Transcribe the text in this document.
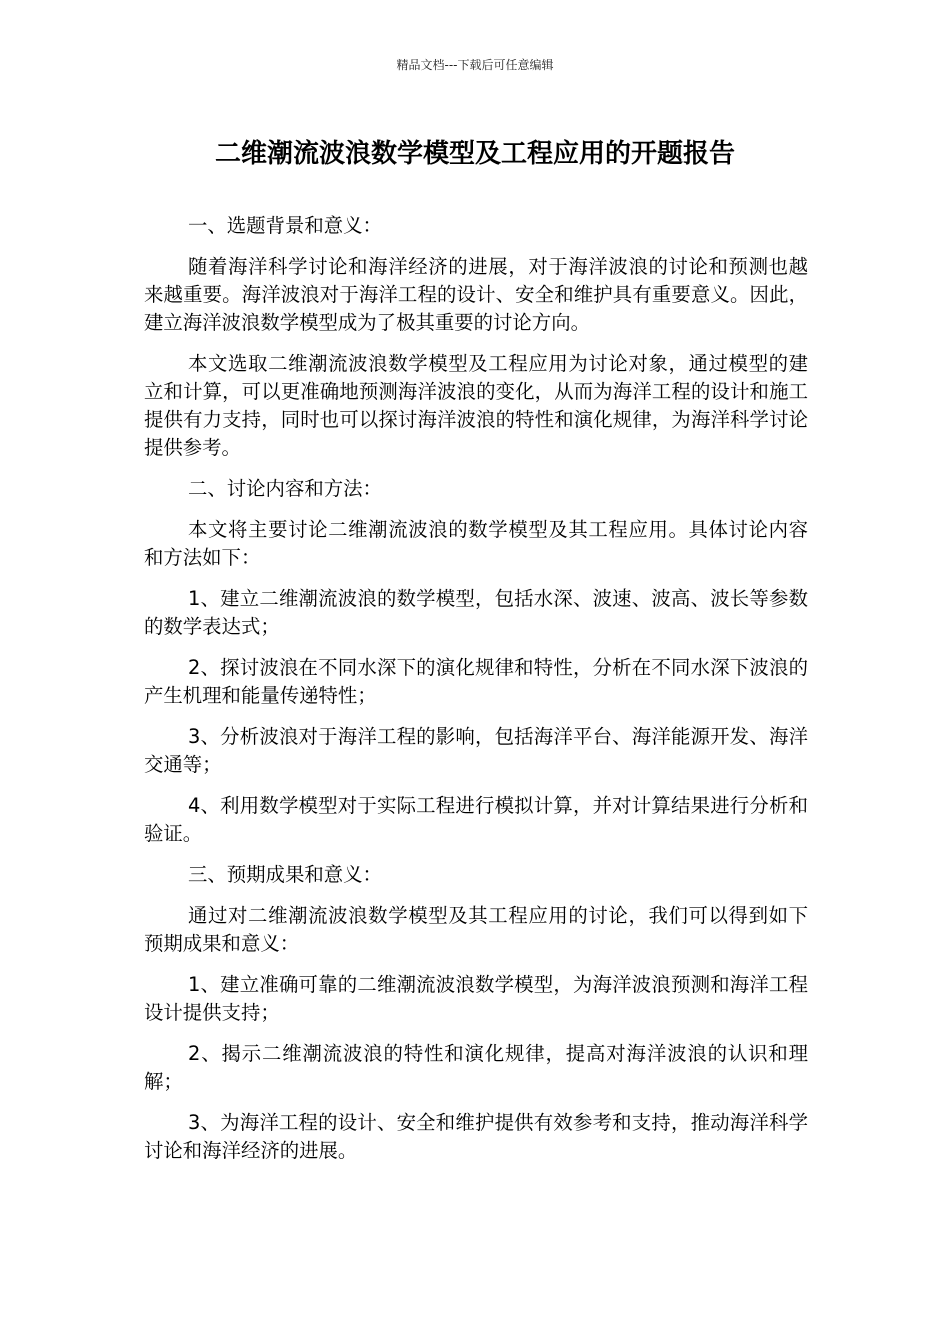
精品文档---下载后可任意编辑
二维潮流波浪数学模型及工程应用的开题报告

一、选题背景和意义：

随着海洋科学讨论和海洋经济的进展，对于海洋波浪的讨论和预测也越来越重要。海洋波浪对于海洋工程的设计、安全和维护具有重要意义。因此，建立海洋波浪数学模型成为了极其重要的讨论方向。

本文选取二维潮流波浪数学模型及工程应用为讨论对象，通过模型的建立和计算，可以更准确地预测海洋波浪的变化，从而为海洋工程的设计和施工提供有力支持，同时也可以探讨海洋波浪的特性和演化规律，为海洋科学讨论提供参考。

二、讨论内容和方法：

本文将主要讨论二维潮流波浪的数学模型及其工程应用。具体讨论内容和方法如下：

1、建立二维潮流波浪的数学模型，包括水深、波速、波高、波长等参数的数学表达式；

2、探讨波浪在不同水深下的演化规律和特性，分析在不同水深下波浪的产生机理和能量传递特性；

3、分析波浪对于海洋工程的影响，包括海洋平台、海洋能源开发、海洋交通等；

4、利用数学模型对于实际工程进行模拟计算，并对计算结果进行分析和验证。

三、预期成果和意义：

通过对二维潮流波浪数学模型及其工程应用的讨论，我们可以得到如下预期成果和意义：

1、建立准确可靠的二维潮流波浪数学模型，为海洋波浪预测和海洋工程设计提供支持；

2、揭示二维潮流波浪的特性和演化规律，提高对海洋波浪的认识和理解；

3、为海洋工程的设计、安全和维护提供有效参考和支持，推动海洋科学讨论和海洋经济的进展。
